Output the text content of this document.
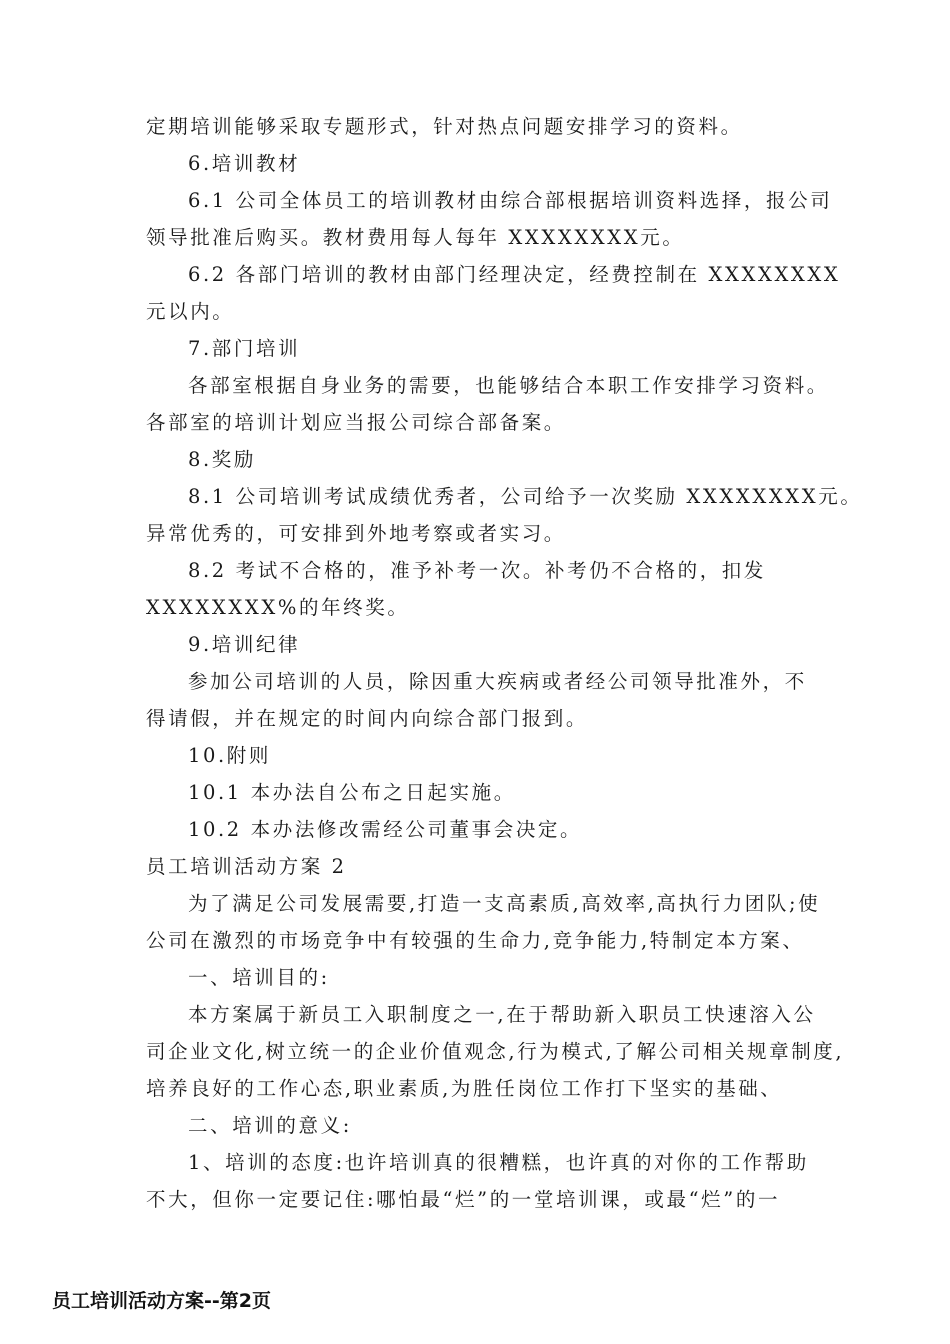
定期培训能够采取专题形式，针对热点问题安排学习的资料。
6.培训教材
6.1 公司全体员工的培训教材由综合部根据培训资料选择，报公司
领导批准后购买。教材费用每人每年 XXXXXXXX元。
6.2 各部门培训的教材由部门经理决定，经费控制在 XXXXXXXX
元以内。
7.部门培训
各部室根据自身业务的需要，也能够结合本职工作安排学习资料。
各部室的培训计划应当报公司综合部备案。
8.奖励
8.1 公司培训考试成绩优秀者，公司给予一次奖励 XXXXXXXX元。
异常优秀的，可安排到外地考察或者实习。
8.2 考试不合格的，准予补考一次。补考仍不合格的，扣发
XXXXXXXX%的年终奖。
9.培训纪律
参加公司培训的人员，除因重大疾病或者经公司领导批准外，不
得请假，并在规定的时间内向综合部门报到。
10.附则
10.1 本办法自公布之日起实施。
10.2 本办法修改需经公司董事会决定。
员工培训活动方案 2
为了满足公司发展需要,打造一支高素质,高效率,高执行力团队;使
公司在激烈的市场竞争中有较强的生命力,竞争能力,特制定本方案、
一、培训目的:
本方案属于新员工入职制度之一,在于帮助新入职员工快速溶入公
司企业文化,树立统一的企业价值观念,行为模式,了解公司相关规章制度,
培养良好的工作心态,职业素质,为胜任岗位工作打下坚实的基础、
二、培训的意义:
1、培训的态度:也许培训真的很糟糕，也许真的对你的工作帮助
不大，但你一定要记住:哪怕最“烂”的一堂培训课，或最“烂”的一
员工培训活动方案--第2页
